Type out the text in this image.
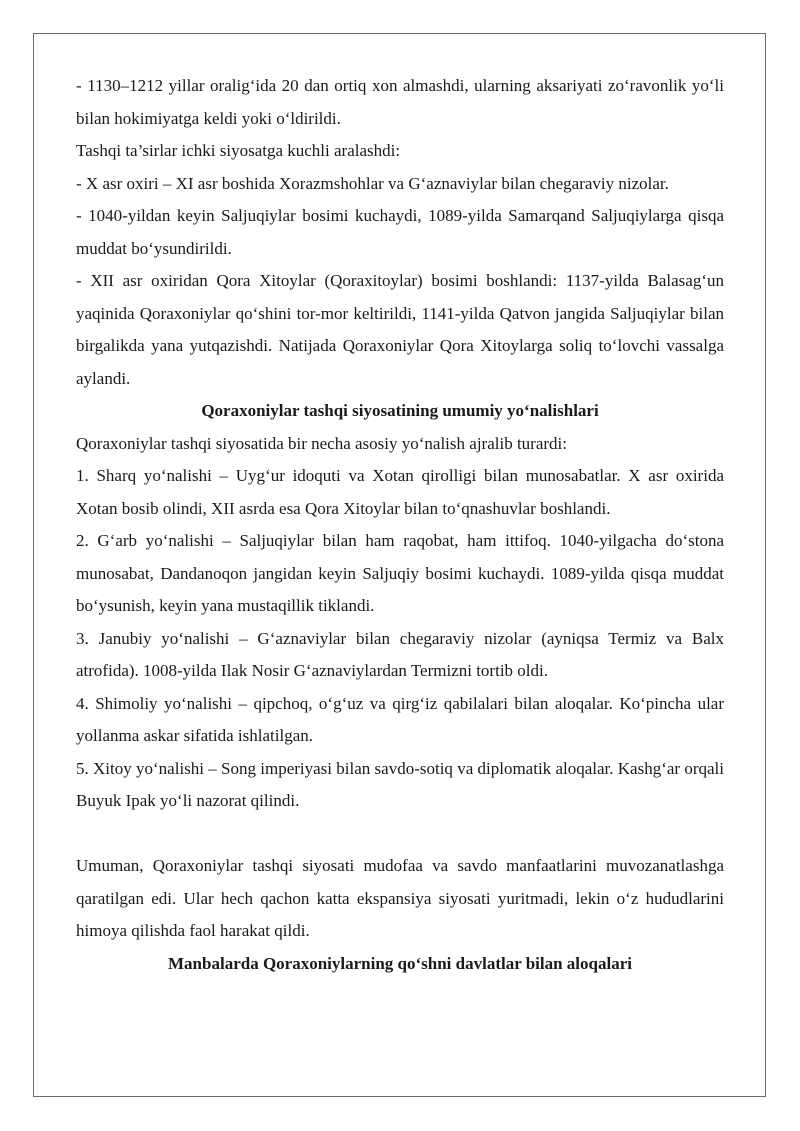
- 1130–1212 yillar oralig‘ida 20 dan ortiq xon almashdi, ularning aksariyati zo‘ravonlik yo‘li bilan hokimiyatga keldi yoki o‘ldirildi.

Tashqi ta’sirlar ichki siyosatga kuchli aralashdi:

- X asr oxiri – XI asr boshida Xorazmshohlar va G‘aznaviylar bilan chegaraviy nizolar.

- 1040-yildan keyin Saljuqiylar bosimi kuchaydi, 1089-yilda Samarqand Saljuqiylarga qisqa muddat bo‘ysundirildi.

- XII asr oxiridan Qora Xitoylar (Qoraxitoylar) bosimi boshlandi: 1137-yilda Balasag‘un yaqinida Qoraxoniylar qo‘shini tor-mor keltirildi, 1141-yilda Qatvon jangida Saljuqiylar bilan birgalikda yana yutqazishdi. Natijada Qoraxoniylar Qora Xitoylarga soliq to‘lovchi vassalga aylandi.

Qoraxoniylar tashqi siyosatining umumiy yo‘nalishlari

Qoraxoniylar tashqi siyosatida bir necha asosiy yo‘nalish ajralib turardi:

1. Sharq yo‘nalishi – Uyg‘ur idoquti va Xotan qirolligi bilan munosabatlar. X asr oxirida Xotan bosib olindi, XII asrda esa Qora Xitoylar bilan to‘qnashuvlar boshlandi.

2. G‘arb yo‘nalishi – Saljuqiylar bilan ham raqobat, ham ittifoq. 1040-yilgacha do‘stona munosabat, Dandanoqon jangidan keyin Saljuqiy bosimi kuchaydi. 1089-yilda qisqa muddat bo‘ysunish, keyin yana mustaqillik tiklandi.

3. Janubiy yo‘nalishi – G‘aznaviylar bilan chegaraviy nizolar (ayniqsa Termiz va Balx atrofida). 1008-yilda Ilak Nosir G‘aznaviylardan Termizni tortib oldi.

4. Shimoliy yo‘nalishi – qipchoq, o‘g‘uz va qirg‘iz qabilalari bilan aloqalar. Ko‘pincha ular yollanma askar sifatida ishlatilgan.

5. Xitoy yo‘nalishi – Song imperiyasi bilan savdo-sotiq va diplomatik aloqalar. Kashg‘ar orqali Buyuk Ipak yo‘li nazorat qilindi.

Umuman, Qoraxoniylar tashqi siyosati mudofaa va savdo manfaatlarini muvozanatlashga qaratilgan edi. Ular hech qachon katta ekspansiya siyosati yuritmadi, lekin o‘z hududlarini himoya qilishda faol harakat qildi.

Manbalarda Qoraxoniylarning qo‘shni davlatlar bilan aloqalari
